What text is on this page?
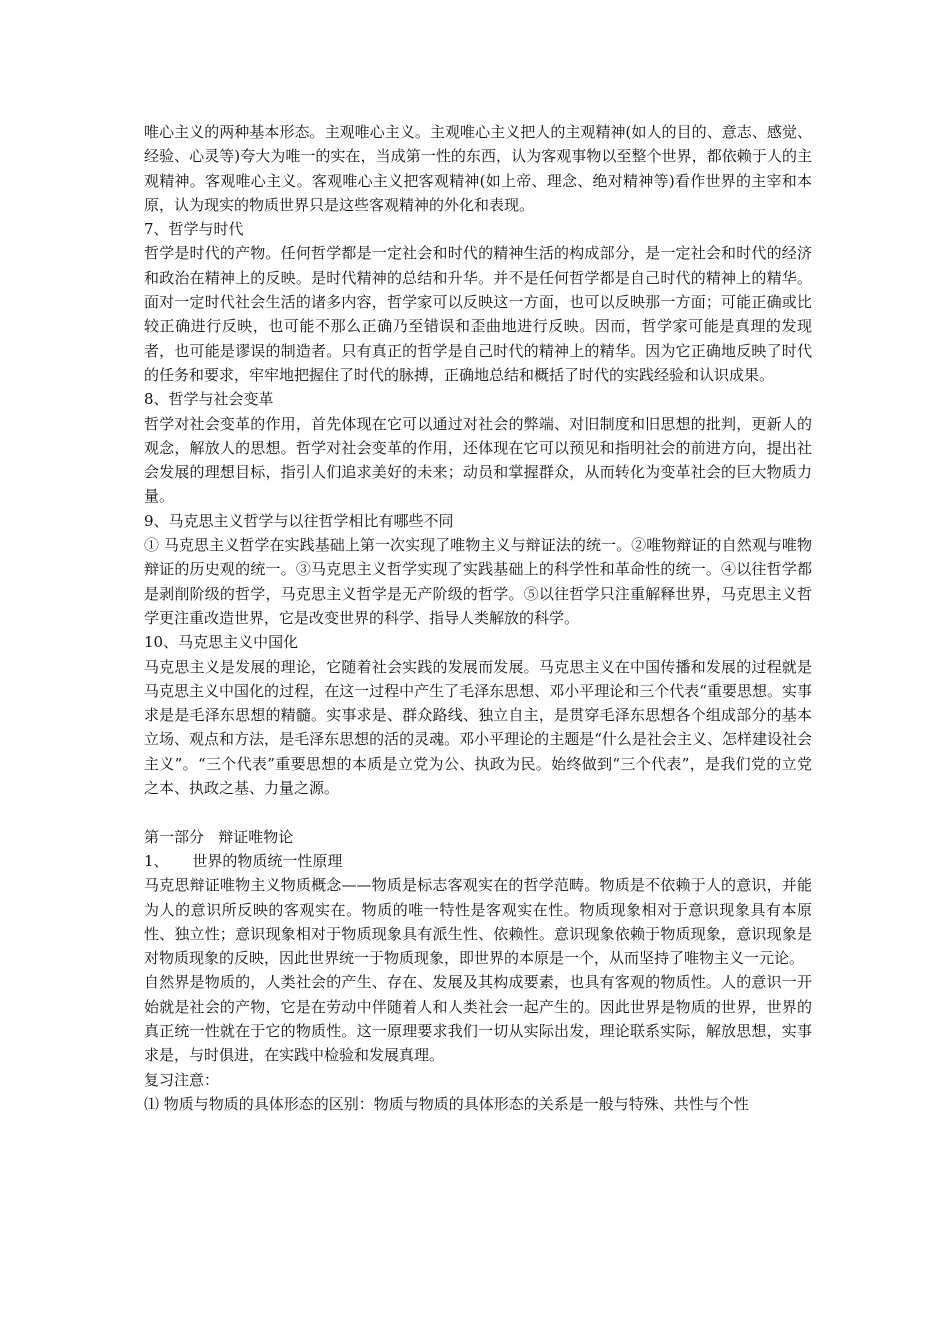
唯心主义的两种基本形态。主观唯心主义。主观唯心主义把人的主观精神(如人的目的、意志、感觉、经验、心灵等)夸大为唯一的实在，当成第一性的东西，认为客观事物以至整个世界，都依赖于人的主观精神。客观唯心主义。客观唯心主义把客观精神(如上帝、理念、绝对精神等)看作世界的主宰和本原，认为现实的物质世界只是这些客观精神的外化和表现。

7、哲学与时代

哲学是时代的产物。任何哲学都是一定社会和时代的精神生活的构成部分，是一定社会和时代的经济和政治在精神上的反映。是时代精神的总结和升华。并不是任何哲学都是自己时代的精神上的精华。面对一定时代社会生活的诸多内容，哲学家可以反映这一方面，也可以反映那一方面；可能正确或比较正确进行反映，也可能不那么正确乃至错误和歪曲地进行反映。因而，哲学家可能是真理的发现者，也可能是谬误的制造者。只有真正的哲学是自己时代的精神上的精华。因为它正确地反映了时代的任务和要求，牢牢地把握住了时代的脉搏，正确地总结和概括了时代的实践经验和认识成果。

8、哲学与社会变革

哲学对社会变革的作用，首先体现在它可以通过对社会的弊端、对旧制度和旧思想的批判，更新人的观念，解放人的思想。哲学对社会变革的作用，还体现在它可以预见和指明社会的前进方向，提出社会发展的理想目标，指引人们追求美好的未来；动员和掌握群众，从而转化为变革社会的巨大物质力量。

9、马克思主义哲学与以往哲学相比有哪些不同

① 马克思主义哲学在实践基础上第一次实现了唯物主义与辩证法的统一。②唯物辩证的自然观与唯物辩证的历史观的统一。③马克思主义哲学实现了实践基础上的科学性和革命性的统一。④以往哲学都是剥削阶级的哲学，马克思主义哲学是无产阶级的哲学。⑤以往哲学只注重解释世界，马克思主义哲学更注重改造世界，它是改变世界的科学、指导人类解放的科学。

10、马克思主义中国化

马克思主义是发展的理论，它随着社会实践的发展而发展。马克思主义在中国传播和发展的过程就是马克思主义中国化的过程，在这一过程中产生了毛泽东思想、邓小平理论和三个代表“重要思想。实事求是是毛泽东思想的精髓。实事求是、群众路线、独立自主，是贯穿毛泽东思想各个组成部分的基本立场、观点和方法，是毛泽东思想的活的灵魂。邓小平理论的主题是“什么是社会主义、怎样建设社会主义”。“三个代表”重要思想的本质是立党为公、执政为民。始终做到“三个代表”，是我们党的立党之本、执政之基、力量之源。

第一部分   辩证唯物论

1、     世界的物质统一性原理

马克思辩证唯物主义物质概念——物质是标志客观实在的哲学范畴。物质是不依赖于人的意识，并能为人的意识所反映的客观实在。物质的唯一特性是客观实在性。物质现象相对于意识现象具有本原性、独立性；意识现象相对于物质现象具有派生性、依赖性。意识现象依赖于物质现象，意识现象是对物质现象的反映，因此世界统一于物质现象，即世界的本原是一个，从而坚持了唯物主义一元论。

自然界是物质的，人类社会的产生、存在、发展及其构成要素，也具有客观的物质性。人的意识一开始就是社会的产物，它是在劳动中伴随着人和人类社会一起产生的。因此世界是物质的世界，世界的真正统一性就在于它的物质性。这一原理要求我们一切从实际出发，理论联系实际，解放思想，实事求是，与时俱进，在实践中检验和发展真理。

复习注意：

⑴ 物质与物质的具体形态的区别：物质与物质的具体形态的关系是一般与特殊、共性与个性
